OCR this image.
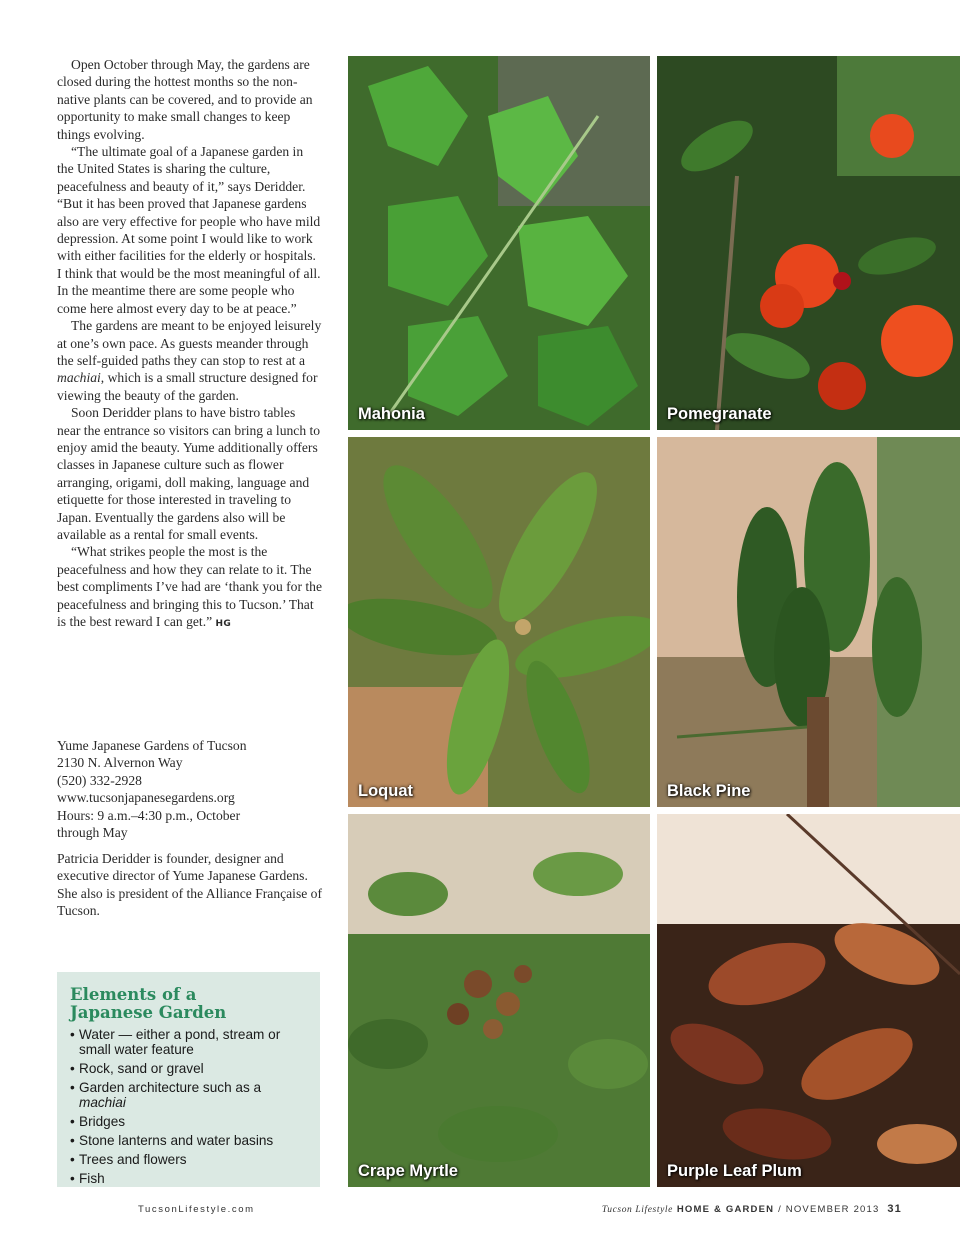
Open October through May, the gardens are closed during the hottest months so the non-native plants can be covered, and to provide an opportunity to make small changes to keep things evolving.

“The ultimate goal of a Japanese garden in the United States is sharing the culture, peacefulness and beauty of it,” says Deridder. “But it has been proved that Japanese gardens also are very effective for people who have mild depression. At some point I would like to work with either facilities for the elderly or hospitals. I think that would be the most meaningful of all. In the meantime there are some people who come here almost every day to be at peace.”

The gardens are meant to be enjoyed leisurely at one’s own pace. As guests meander through the self-guided paths they can stop to rest at a machiai, which is a small structure designed for viewing the beauty of the garden.

Soon Deridder plans to have bistro tables near the entrance so visitors can bring a lunch to enjoy amid the beauty. Yume additionally offers classes in Japanese culture such as flower arranging, origami, doll making, language and etiquette for those interested in traveling to Japan. Eventually the gardens also will be available as a rental for small events.

“What strikes people the most is the peacefulness and how they can relate to it. The best compliments I’ve had are ‘thank you for the peacefulness and bringing this to Tucson.’ That is the best reward I can get.” HG

Yume Japanese Gardens of Tucson
2130 N. Alvernon Way
(520) 332-2928
www.tucsonjapanesegardens.org
Hours: 9 a.m.–4:30 p.m., October
through May
Patricia Deridder is founder, designer and executive director of Yume Japanese Gardens. She also is president of the Alliance Française of Tucson.
Elements of a
Japanese Garden
• Water — either a pond, stream or small water feature
• Rock, sand or gravel
• Garden architecture such as a machiai
• Bridges
• Stone lanterns and water basins
• Trees and flowers
• Fish
Mahonia	Pomegranate
Loquat	Black Pine
Crape Myrtle	Purple Leaf Plum
TucsonLifestyle.com	Tucson Lifestyle HOME & GARDEN / NOVEMBER 2013 31
